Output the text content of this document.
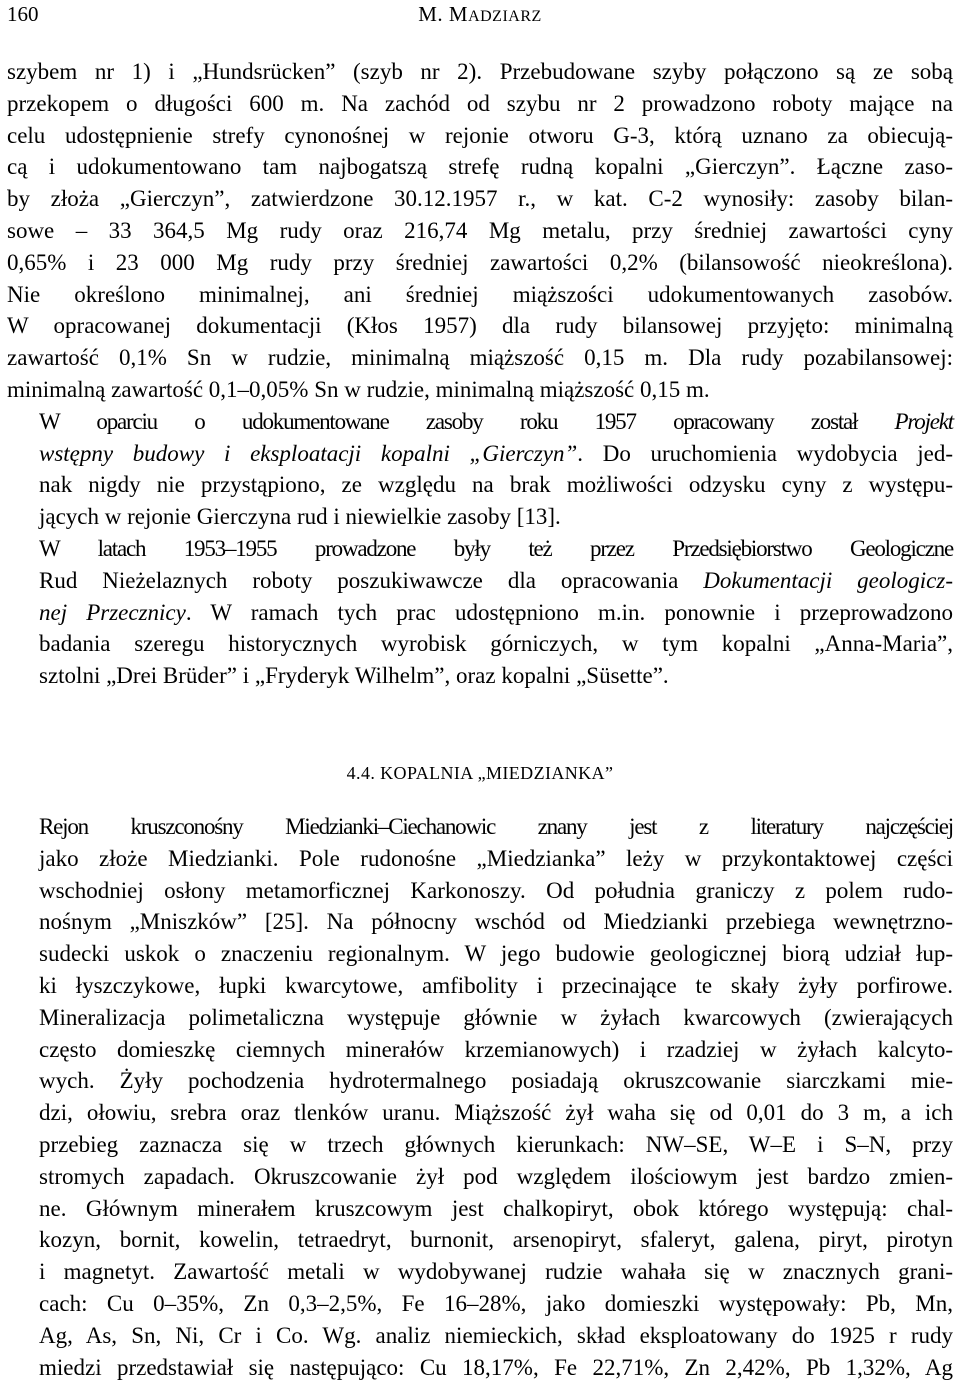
160	M. MADZIARZ

szybem nr 1) i „Hundsrücken” (szyb nr 2). Przebudowane szyby połączono są ze sobą
przekopem o długości 600 m. Na zachód od szybu nr 2 prowadzono roboty mające na
celu udostępnienie strefy cynonośnej w rejonie otworu G-3, którą uznano za obiecują-
cą i udokumentowano tam najbogatszą strefę rudną kopalni „Gierczyn”. Łączne zaso-
by złoża „Gierczyn”, zatwierdzone 30.12.1957 r., w kat. C-2 wynosiły: zasoby bilan-
sowe – 33 364,5 Mg rudy oraz 216,74 Mg metalu, przy średniej zawartości cyny
0,65% i 23 000 Mg rudy przy średniej zawartości 0,2% (bilansowość nieokreślona).
Nie określono minimalnej, ani średniej miąższości udokumentowanych zasobów.
W opracowanej dokumentacji (Kłos 1957) dla rudy bilansowej przyjęto: minimalną
zawartość 0,1% Sn w rudzie, minimalną miąższość 0,15 m. Dla rudy pozabilansowej:
minimalną zawartość 0,1–0,05% Sn w rudzie, minimalną miąższość 0,15 m.

W oparciu o udokumentowane zasoby roku 1957 opracowany został Projekt
wstępny budowy i eksploatacji kopalni „Gierczyn”. Do uruchomienia wydobycia jed-
nak nigdy nie przystąpiono, ze względu na brak możliwości odzysku cyny z występu-
jących w rejonie Gierczyna rud i niewielkie zasoby [13].

W latach 1953–1955 prowadzone były też przez Przedsiębiorstwo Geologiczne
Rud Nieżelaznych roboty poszukiwawcze dla opracowania Dokumentacji geologicz-
nej Przecznicy. W ramach tych prac udostępniono m.in. ponownie i przeprowadzono
badania szeregu historycznych wyrobisk górniczych, w tym kopalni „Anna-Maria”,
sztolni „Drei Brüder” i „Fryderyk Wilhelm”, oraz kopalni „Süsette”.

4.4. KOPALNIA „MIEDZIANKA”

Rejon kruszconośny Miedzianki–Ciechanowic znany jest z literatury najczęściej
jako złoże Miedzianki. Pole rudonośne „Miedzianka” leży w przykontaktowej części
wschodniej osłony metamorficznej Karkonoszy. Od południa graniczy z polem rudo-
nośnym „Mniszków” [25]. Na północny wschód od Miedzianki przebiega wewnętrzno-
sudecki uskok o znaczeniu regionalnym. W jego budowie geologicznej biorą udział łup-
ki łyszczykowe, łupki kwarcytowe, amfibolity i przecinające te skały żyły porfirowe.
Mineralizacja polimetaliczna występuje głównie w żyłach kwarcowych (zwierających
często domieszkę ciemnych minerałów krzemianowych) i rzadziej w żyłach kalcyto-
wych. Żyły pochodzenia hydrotermalnego posiadają okruszcowanie siarczkami mie-
dzi, ołowiu, srebra oraz tlenków uranu. Miąższość żył waha się od 0,01 do 3 m, a ich
przebieg zaznacza się w trzech głównych kierunkach: NW–SE, W–E i S–N, przy
stromych zapadach. Okruszcowanie żył pod względem ilościowym jest bardzo zmien-
ne. Głównym minerałem kruszcowym jest chalkopiryt, obok którego występują: chal-
kozyn, bornit, kowelin, tetraedryt, burnonit, arsenopiryt, sfaleryt, galena, piryt, pirotyn
i magnetyt. Zawartość metali w wydobywanej rudzie wahała się w znacznych grani-
cach: Cu 0–35%, Zn 0,3–2,5%, Fe 16–28%, jako domieszki występowały: Pb, Mn,
Ag, As, Sn, Ni, Cr i Co. Wg. analiz niemieckich, skład eksploatowany do 1925 r rudy
miedzi przedstawiał się następująco: Cu 18,17%, Fe 22,71%, Zn 2,42%, Pb 1,32%, Ag
